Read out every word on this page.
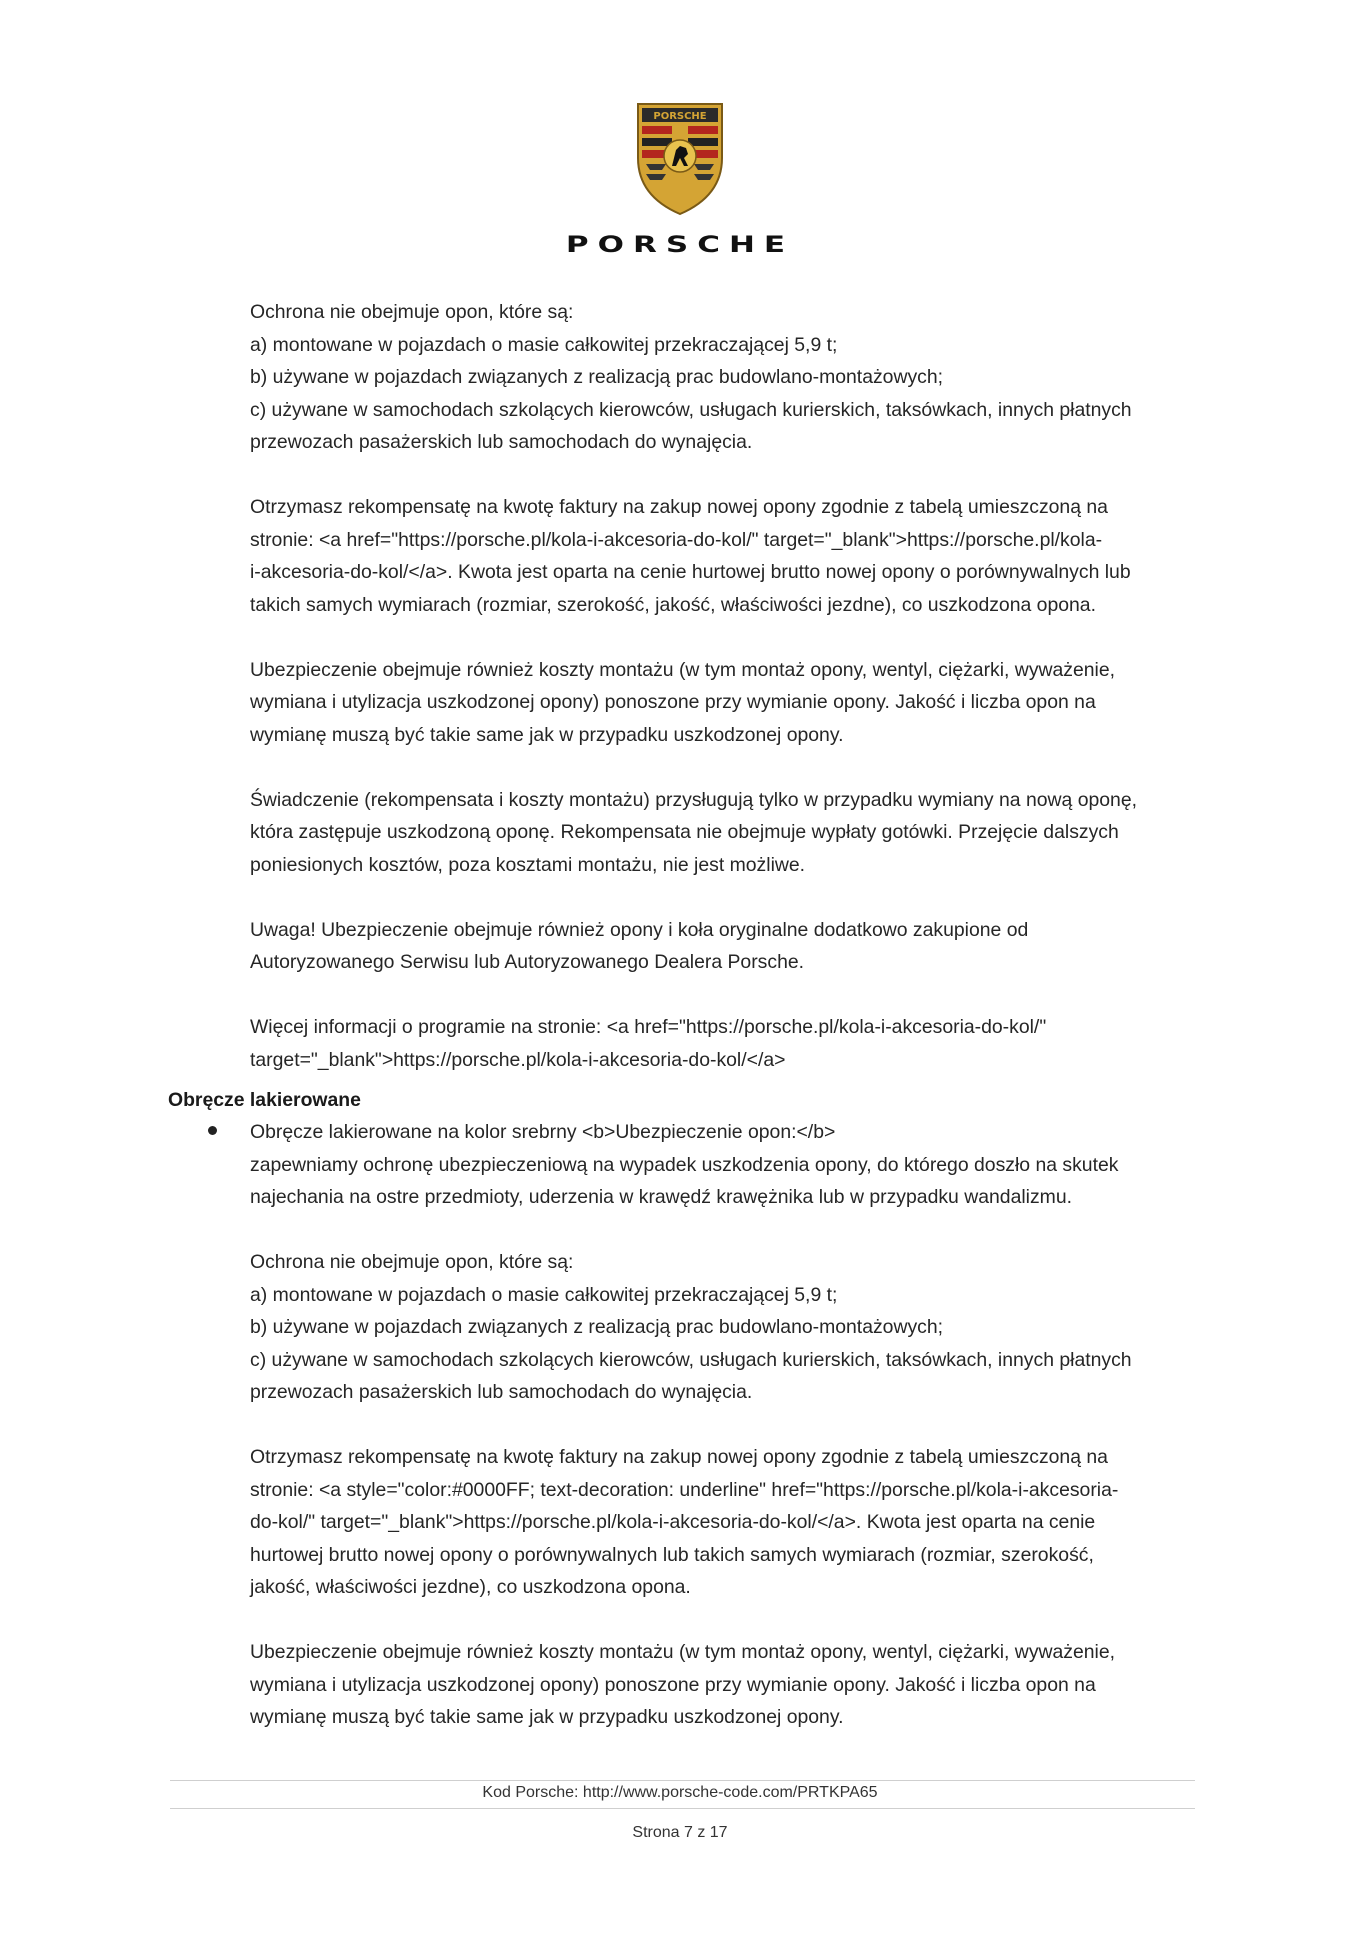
PORSCHE
PORSCHE

Ochrona nie obejmuje opon, które są:
a) montowane w pojazdach o masie całkowitej przekraczającej 5,9 t;
b) używane w pojazdach związanych z realizacją prac budowlano-montażowych;
c) używane w samochodach szkolących kierowców, usługach kurierskich, taksówkach, innych płatnych
przewozach pasażerskich lub samochodach do wynajęcia.

Otrzymasz rekompensatę na kwotę faktury na zakup nowej opony zgodnie z tabelą umieszczoną na
stronie: <a href="https://porsche.pl/kola-i-akcesoria-do-kol/" target="_blank">https://porsche.pl/kola-
i-akcesoria-do-kol/</a>. Kwota jest oparta na cenie hurtowej brutto nowej opony o porównywalnych lub
takich samych wymiarach (rozmiar, szerokość, jakość, właściwości jezdne), co uszkodzona opona.

Ubezpieczenie obejmuje również koszty montażu (w tym montaż opony, wentyl, ciężarki, wyważenie,
wymiana i utylizacja uszkodzonej opony) ponoszone przy wymianie opony. Jakość i liczba opon na
wymianę muszą być takie same jak w przypadku uszkodzonej opony.

Świadczenie (rekompensata i koszty montażu) przysługują tylko w przypadku wymiany na nową oponę,
która zastępuje uszkodzoną oponę. Rekompensata nie obejmuje wypłaty gotówki. Przejęcie dalszych
poniesionych kosztów, poza kosztami montażu, nie jest możliwe.

Uwaga! Ubezpieczenie obejmuje również opony i koła oryginalne dodatkowo zakupione od
Autoryzowanego Serwisu lub Autoryzowanego Dealera Porsche.

Więcej informacji o programie na stronie: <a href="https://porsche.pl/kola-i-akcesoria-do-kol/"
target="_blank">https://porsche.pl/kola-i-akcesoria-do-kol/</a>

Obręcze lakierowane

Obręcze lakierowane na kolor srebrny <b>Ubezpieczenie opon:</b>
zapewniamy ochronę ubezpieczeniową na wypadek uszkodzenia opony, do którego doszło na skutek
najechania na ostre przedmioty, uderzenia w krawędź krawężnika lub w przypadku wandalizmu.

Ochrona nie obejmuje opon, które są:
a) montowane w pojazdach o masie całkowitej przekraczającej 5,9 t;
b) używane w pojazdach związanych z realizacją prac budowlano-montażowych;
c) używane w samochodach szkolących kierowców, usługach kurierskich, taksówkach, innych płatnych
przewozach pasażerskich lub samochodach do wynajęcia.

Otrzymasz rekompensatę na kwotę faktury na zakup nowej opony zgodnie z tabelą umieszczoną na
stronie: <a style="color:#0000FF; text-decoration: underline" href="https://porsche.pl/kola-i-akcesoria-
do-kol/" target="_blank">https://porsche.pl/kola-i-akcesoria-do-kol/</a>. Kwota jest oparta na cenie
hurtowej brutto nowej opony o porównywalnych lub takich samych wymiarach (rozmiar, szerokość,
jakość, właściwości jezdne), co uszkodzona opona.

Ubezpieczenie obejmuje również koszty montażu (w tym montaż opony, wentyl, ciężarki, wyważenie,
wymiana i utylizacja uszkodzonej opony) ponoszone przy wymianie opony. Jakość i liczba opon na
wymianę muszą być takie same jak w przypadku uszkodzonej opony.

Kod Porsche: http://www.porsche-code.com/PRTKPA65
Strona 7 z 17
